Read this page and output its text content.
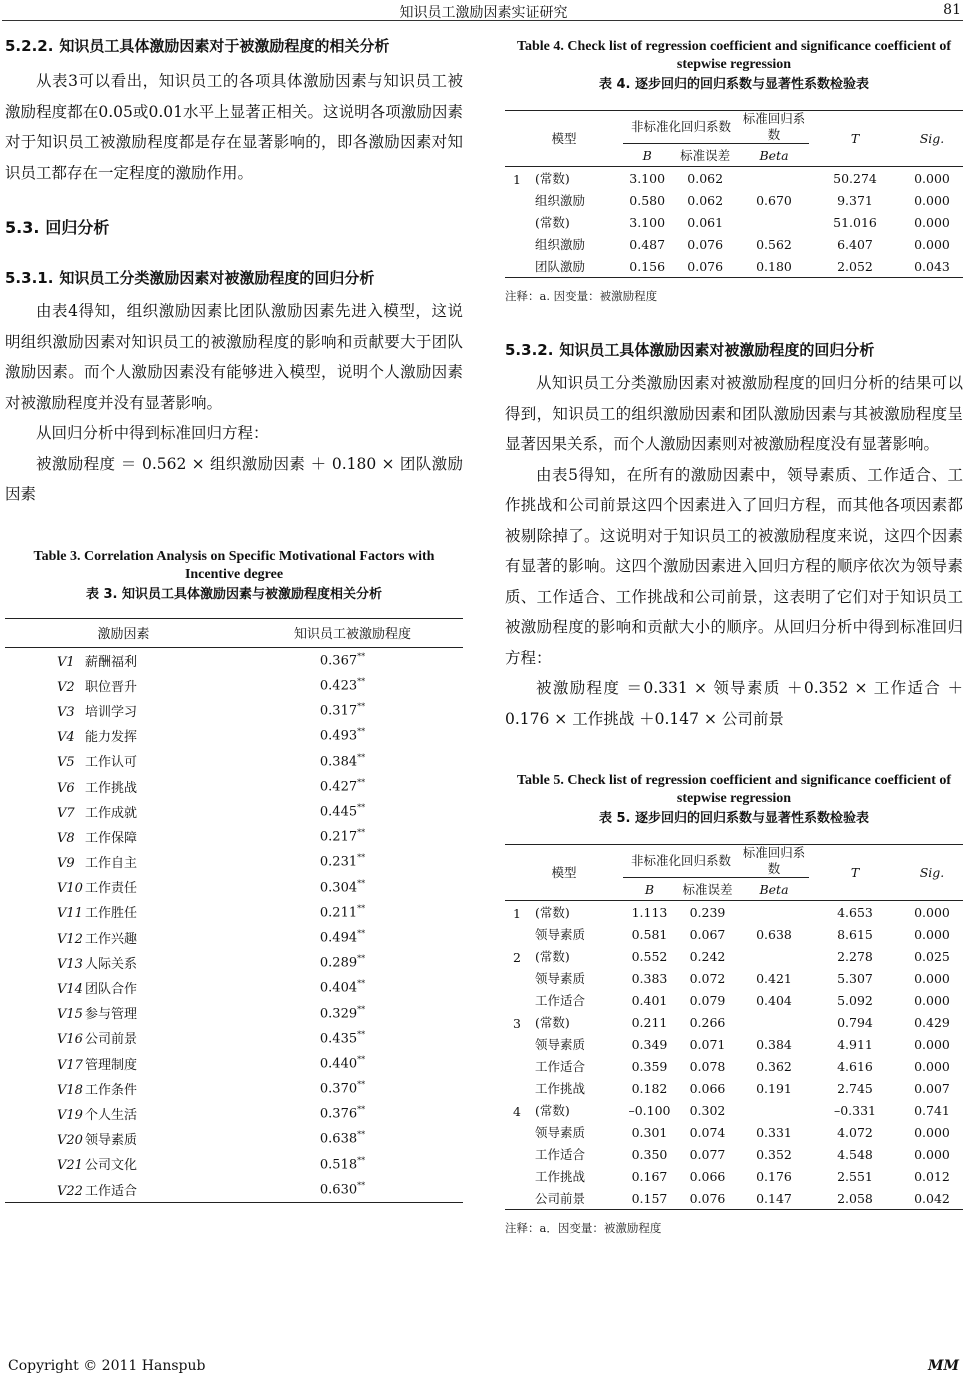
知识员工激励因素实证研究	81
5.2.2. 知识员工具体激励因素对于被激励程度的相关分析

从表3可以看出，知识员工的各项具体激励因素与知识员工被激励程度都在0.05或0.01水平上显著正相关。这说明各项激励因素对于知识员工被激励程度都是存在显著影响的，即各激励因素对知识员工都存在一定程度的激励作用。

5.3. 回归分析
5.3.1. 知识员工分类激励因素对被激励程度的回归分析

由表4得知，组织激励因素比团队激励因素先进入模型，这说明组织激励因素对知识员工的被激励程度的影响和贡献要大于团队激励因素。而个人激励因素没有能够进入模型，说明个人激励因素对被激励程度并没有显著影响。

从回归分析中得到标准回归方程：

被激励程度 ＝ 0.562 × 组织激励因素 ＋ 0.180 × 团队激励因素

Table 3. Correlation Analysis on Specific Motivational Factors with Incentive degree
表 3. 知识员工具体激励因素与被激励程度相关分析
激励因素	知识员工被激励程度
V1 薪酬福利	0.367**
V2 职位晋升	0.423**
V3 培训学习	0.317**
V4 能力发挥	0.493**
V5 工作认可	0.384**
V6 工作挑战	0.427**
V7 工作成就	0.445**
V8 工作保障	0.217**
V9 工作自主	0.231**
V10 工作责任	0.304**
V11 工作胜任	0.211**
V12 工作兴趣	0.494**
V13 人际关系	0.289**
V14 团队合作	0.404**
V15 参与管理	0.329**
V16 公司前景	0.435**
V17 管理制度	0.440**
V18 工作条件	0.370**
V19 个人生活	0.376**
V20 领导素质	0.638**
V21 公司文化	0.518**
V22 工作适合	0.630**
Table 4. Check list of regression coefficient and significance coefficient of stepwise regression
表 4. 逐步回归的回归系数与显著性系数检验表
模型	非标准化回归系数		标准回归系数	T	Sig.
	B	标准误差	Beta		
1 (常数)	3.100	0.062		50.274	0.000
组织激励	0.580	0.062	0.670	9.371	0.000
(常数)	3.100	0.061		51.016	0.000
组织激励	0.487	0.076	0.562	6.407	0.000
团队激励	0.156	0.076	0.180	2.052	0.043
注释：a. 因变量：被激励程度
5.3.2. 知识员工具体激励因素对被激励程度的回归分析

从知识员工分类激励因素对被激励程度的回归分析的结果可以得到，知识员工的组织激励因素和团队激励因素与其被激励程度呈显著因果关系，而个人激励因素则对被激励程度没有显著影响。

由表5得知，在所有的激励因素中，领导素质、工作适合、工作挑战和公司前景这四个因素进入了回归方程，而其他各项因素都被剔除掉了。这说明对于知识员工的被激励程度来说，这四个因素有显著的影响。这四个激励因素进入回归方程的顺序依次为领导素质、工作适合、工作挑战和公司前景，这表明了它们对于知识员工被激励程度的影响和贡献大小的顺序。从回归分析中得到标准回归方程：

被激励程度 ＝0.331 × 领导素质 ＋0.352 × 工作适合 ＋0.176 × 工作挑战 ＋0.147 × 公司前景

Table 5. Check list of regression coefficient and significance coefficient of stepwise regression
表 5. 逐步回归的回归系数与显著性系数检验表
模型	非标准化回归系数		标准回归系数	T	Sig.
	B	标准误差	Beta		
1 (常数)	1.113	0.239		4.653	0.000
领导素质	0.581	0.067	0.638	8.615	0.000
2 (常数)	0.552	0.242		2.278	0.025
领导素质	0.383	0.072	0.421	5.307	0.000
工作适合	0.401	0.079	0.404	5.092	0.000
3 (常数)	0.211	0.266		0.794	0.429
领导素质	0.349	0.071	0.384	4.911	0.000
工作适合	0.359	0.078	0.362	4.616	0.000
工作挑战	0.182	0.066	0.191	2.745	0.007
4 (常数)	–0.100	0.302		–0.331	0.741
领导素质	0.301	0.074	0.331	4.072	0.000
工作适合	0.350	0.077	0.352	4.548	0.000
工作挑战	0.167	0.066	0.176	2.551	0.012
公司前景	0.157	0.076	0.147	2.058	0.042
注释：a．因变量：被激励程度
Copyright © 2011 Hanspub	MM
